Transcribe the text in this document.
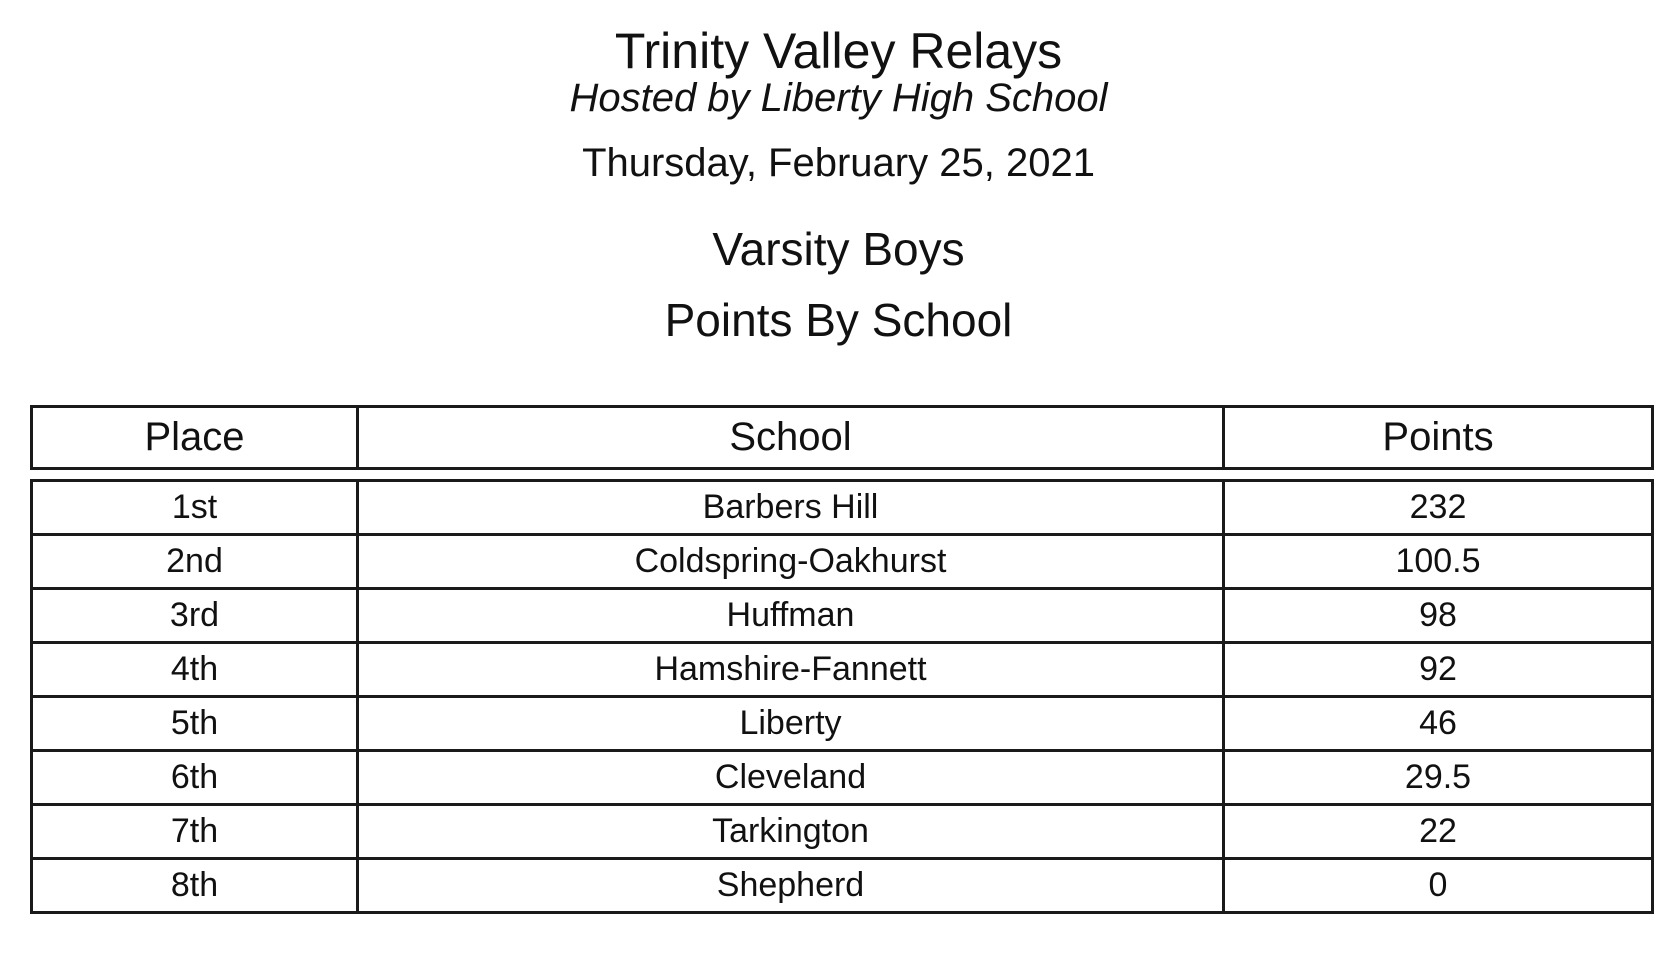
Trinity Valley Relays
Hosted by Liberty High School
Thursday, February 25, 2021
Varsity Boys
Points By School
Place	School	Points
1st	Barbers Hill	232
2nd	Coldspring-Oakhurst	100.5
3rd	Huffman	98
4th	Hamshire-Fannett	92
5th	Liberty	46
6th	Cleveland	29.5
7th	Tarkington	22
8th	Shepherd	0
